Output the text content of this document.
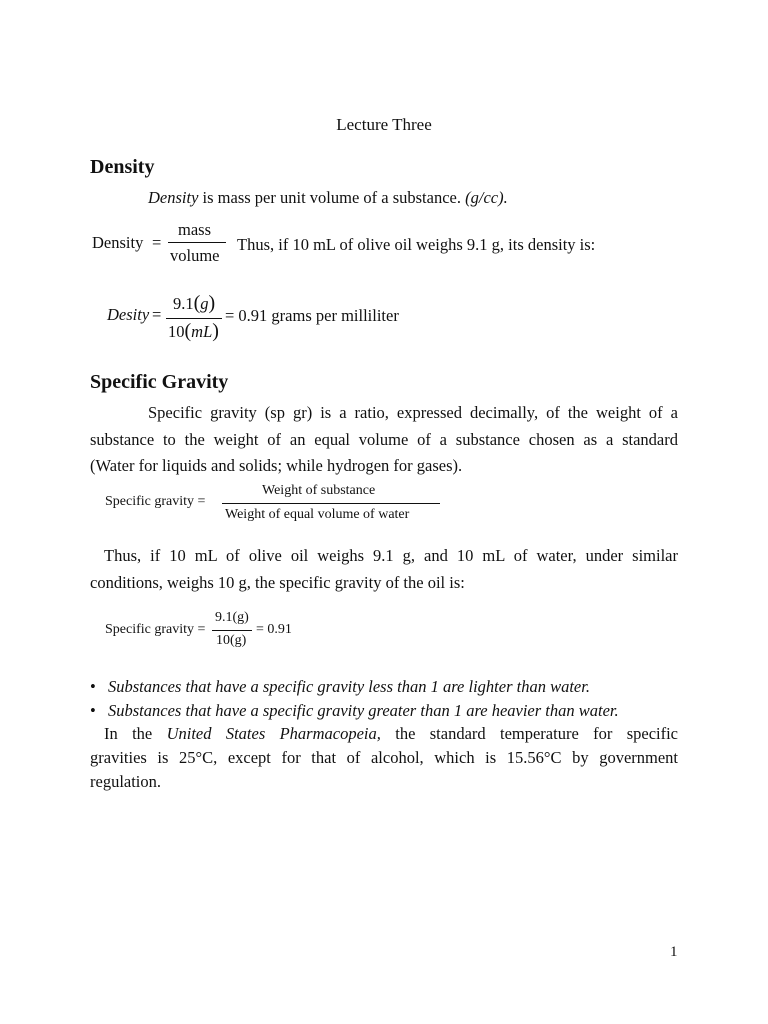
Lecture Three
Density
Density is mass per unit volume of a substance. (g/cc).
Density =
mass
volume
Thus, if 10 mL of olive oil weighs 9.1 g, its density is:
Desity =
9.1(g)
10(mL)
= 0.91 grams per milliliter
Specific Gravity
Specific gravity (sp gr) is a ratio, expressed decimally, of the weight of a
substance to the weight of an equal volume of a substance chosen as a standard
(Water for liquids and solids; while hydrogen for gases).
Specific gravity =
Weight of substance
Weight of equal volume of water
Thus, if 10 mL of olive oil weighs 9.1 g, and 10 mL of water, under similar
conditions, weighs 10 g, the specific gravity of the oil is:
Specific gravity =
9.1(g)
10(g)
= 0.91
• Substances that have a specific gravity less than 1 are lighter than water.
• Substances that have a specific gravity greater than 1 are heavier than water.
In the United States Pharmacopeia, the standard temperature for specific
gravities is 25°C, except for that of alcohol, which is 15.56°C by government
regulation.
1
